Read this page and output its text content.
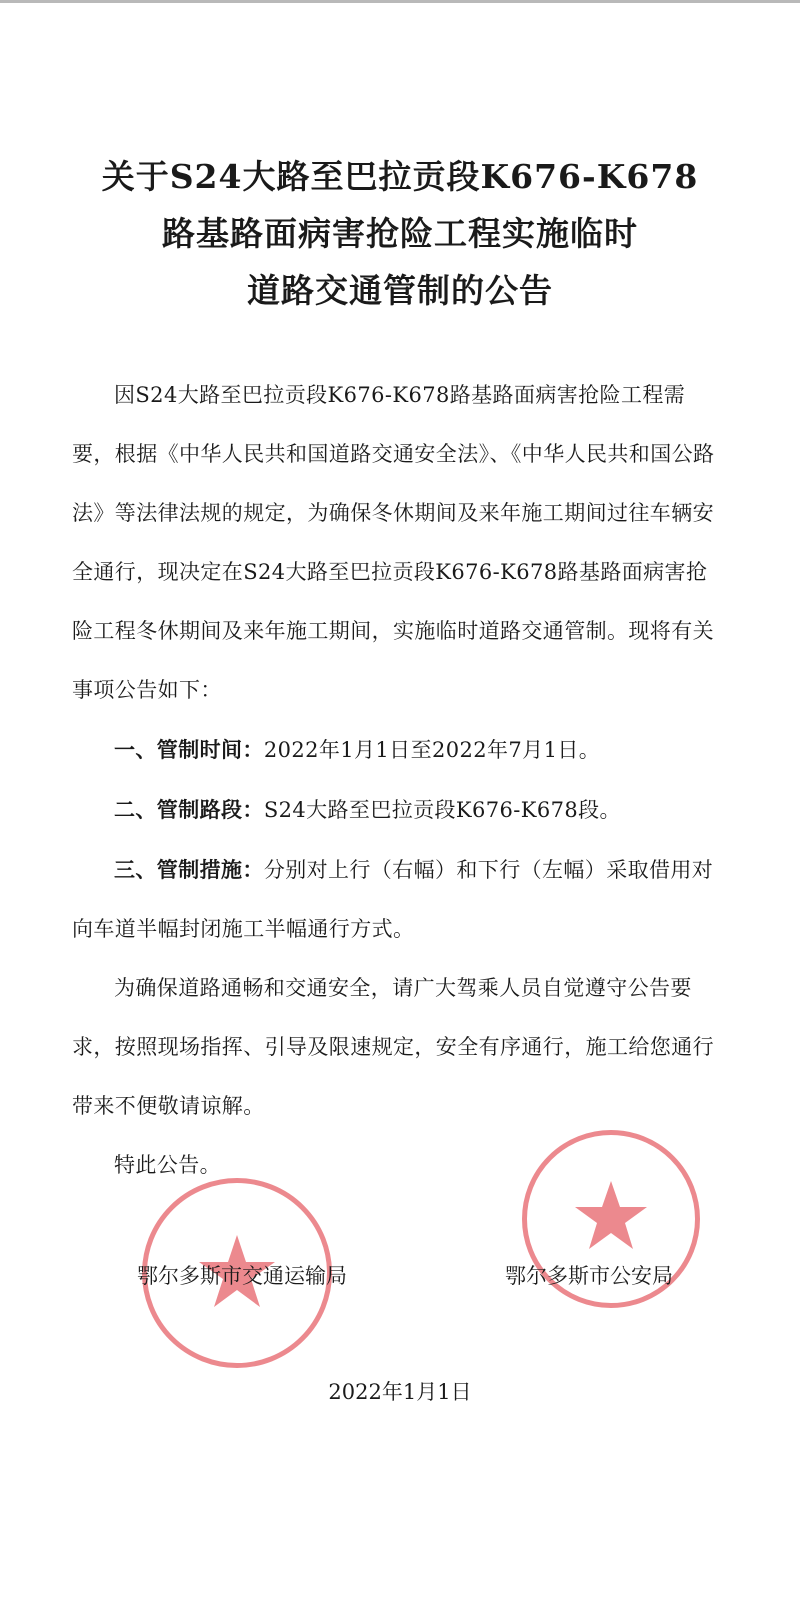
关于S24大路至巴拉贡段K676-K678
路基路面病害抢险工程实施临时
道路交通管制的公告

因S24大路至巴拉贡段K676-K678路基路面病害抢险工程需要，根据《中华人民共和国道路交通安全法》、《中华人民共和国公路法》等法律法规的规定，为确保冬休期间及来年施工期间过往车辆安全通行，现决定在S24大路至巴拉贡段K676-K678路基路面病害抢险工程冬休期间及来年施工期间，实施临时道路交通管制。现将有关事项公告如下：

一、管制时间：2022年1月1日至2022年7月1日。

二、管制路段：S24大路至巴拉贡段K676-K678段。

三、管制措施：分别对上行（右幅）和下行（左幅）采取借用对向车道半幅封闭施工半幅通行方式。

为确保道路通畅和交通安全，请广大驾乘人员自觉遵守公告要求，按照现场指挥、引导及限速规定，安全有序通行，施工给您通行带来不便敬请谅解。

特此公告。

鄂尔多斯市交通运输局	鄂尔多斯市公安局
2022年1月1日
